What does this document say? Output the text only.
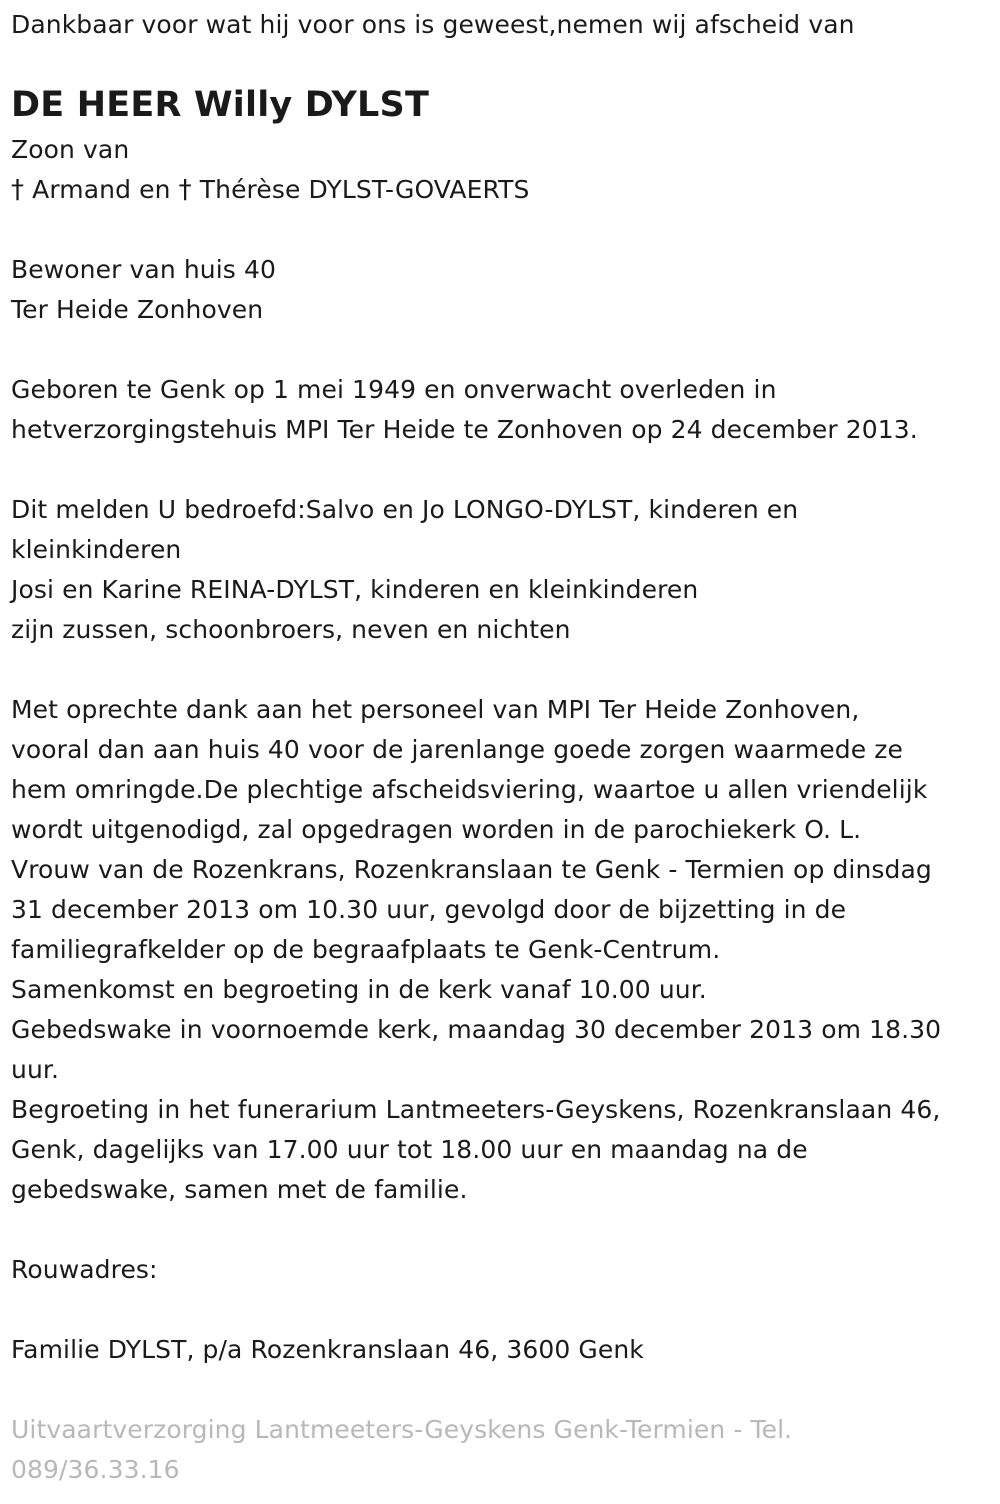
Dankbaar voor wat hij voor ons is geweest,nemen wij afscheid van
DE HEER Willy DYLST
Zoon van
† Armand en † Thérèse DYLST-GOVAERTS
Bewoner van huis 40
Ter Heide Zonhoven
Geboren te Genk op 1 mei 1949 en onverwacht overleden in
hetverzorgingstehuis MPI Ter Heide te Zonhoven op 24 december 2013.
Dit melden U bedroefd:Salvo en Jo LONGO-DYLST, kinderen en
kleinkinderen
Josi en Karine REINA-DYLST, kinderen en kleinkinderen
zijn zussen, schoonbroers, neven en nichten
Met oprechte dank aan het personeel van MPI Ter Heide Zonhoven,
vooral dan aan huis 40 voor de jarenlange goede zorgen waarmede ze
hem omringde.De plechtige afscheidsviering, waartoe u allen vriendelijk
wordt uitgenodigd, zal opgedragen worden in de parochiekerk O. L.
Vrouw van de Rozenkrans, Rozenkranslaan te Genk - Termien op dinsdag
31 december 2013 om 10.30 uur, gevolgd door de bijzetting in de
familiegrafkelder op de begraafplaats te Genk-Centrum.
Samenkomst en begroeting in de kerk vanaf 10.00 uur.
Gebedswake in voornoemde kerk, maandag 30 december 2013 om 18.30
uur.
Begroeting in het funerarium Lantmeeters-Geyskens, Rozenkranslaan 46,
Genk, dagelijks van 17.00 uur tot 18.00 uur en maandag na de
gebedswake, samen met de familie.
Rouwadres:
Familie DYLST, p/a Rozenkranslaan 46, 3600 Genk
Uitvaartverzorging Lantmeeters-Geyskens Genk-Termien - Tel.
089/36.33.16
